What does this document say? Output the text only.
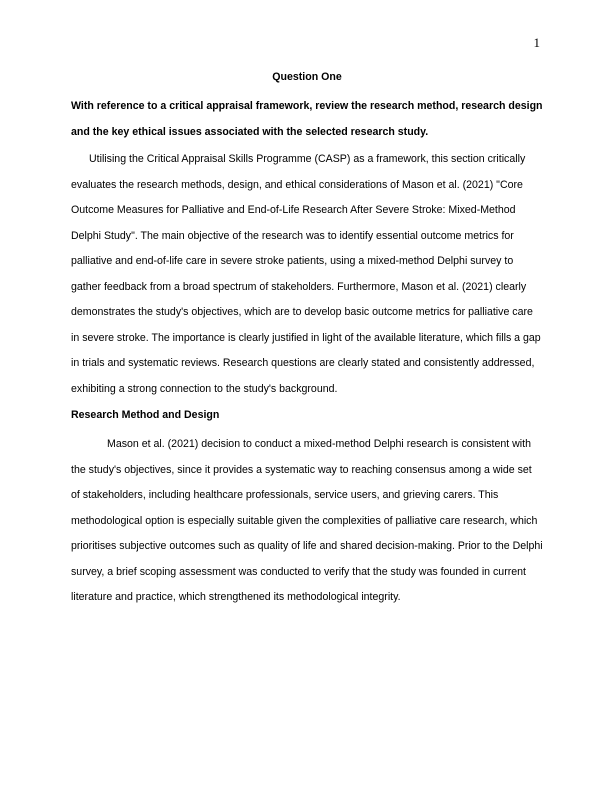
1

Question One

With reference to a critical appraisal framework, review the research method, research design and the key ethical issues associated with the selected research study.

Utilising the Critical Appraisal Skills Programme (CASP) as a framework, this section critically evaluates the research methods, design, and ethical considerations of Mason et al. (2021) "Core Outcome Measures for Palliative and End-of-Life Research After Severe Stroke: Mixed-Method Delphi Study". The main objective of the research was to identify essential outcome metrics for palliative and end-of-life care in severe stroke patients, using a mixed-method Delphi survey to gather feedback from a broad spectrum of stakeholders. Furthermore, Mason et al. (2021) clearly demonstrates the study's objectives, which are to develop basic outcome metrics for palliative care in severe stroke. The importance is clearly justified in light of the available literature, which fills a gap in trials and systematic reviews. Research questions are clearly stated and consistently addressed, exhibiting a strong connection to the study's background.

Research Method and Design

Mason et al. (2021) decision to conduct a mixed-method Delphi research is consistent with the study's objectives, since it provides a systematic way to reaching consensus among a wide set of stakeholders, including healthcare professionals, service users, and grieving carers. This methodological option is especially suitable given the complexities of palliative care research, which prioritises subjective outcomes such as quality of life and shared decision-making. Prior to the Delphi survey, a brief scoping assessment was conducted to verify that the study was founded in current literature and practice, which strengthened its methodological integrity.
